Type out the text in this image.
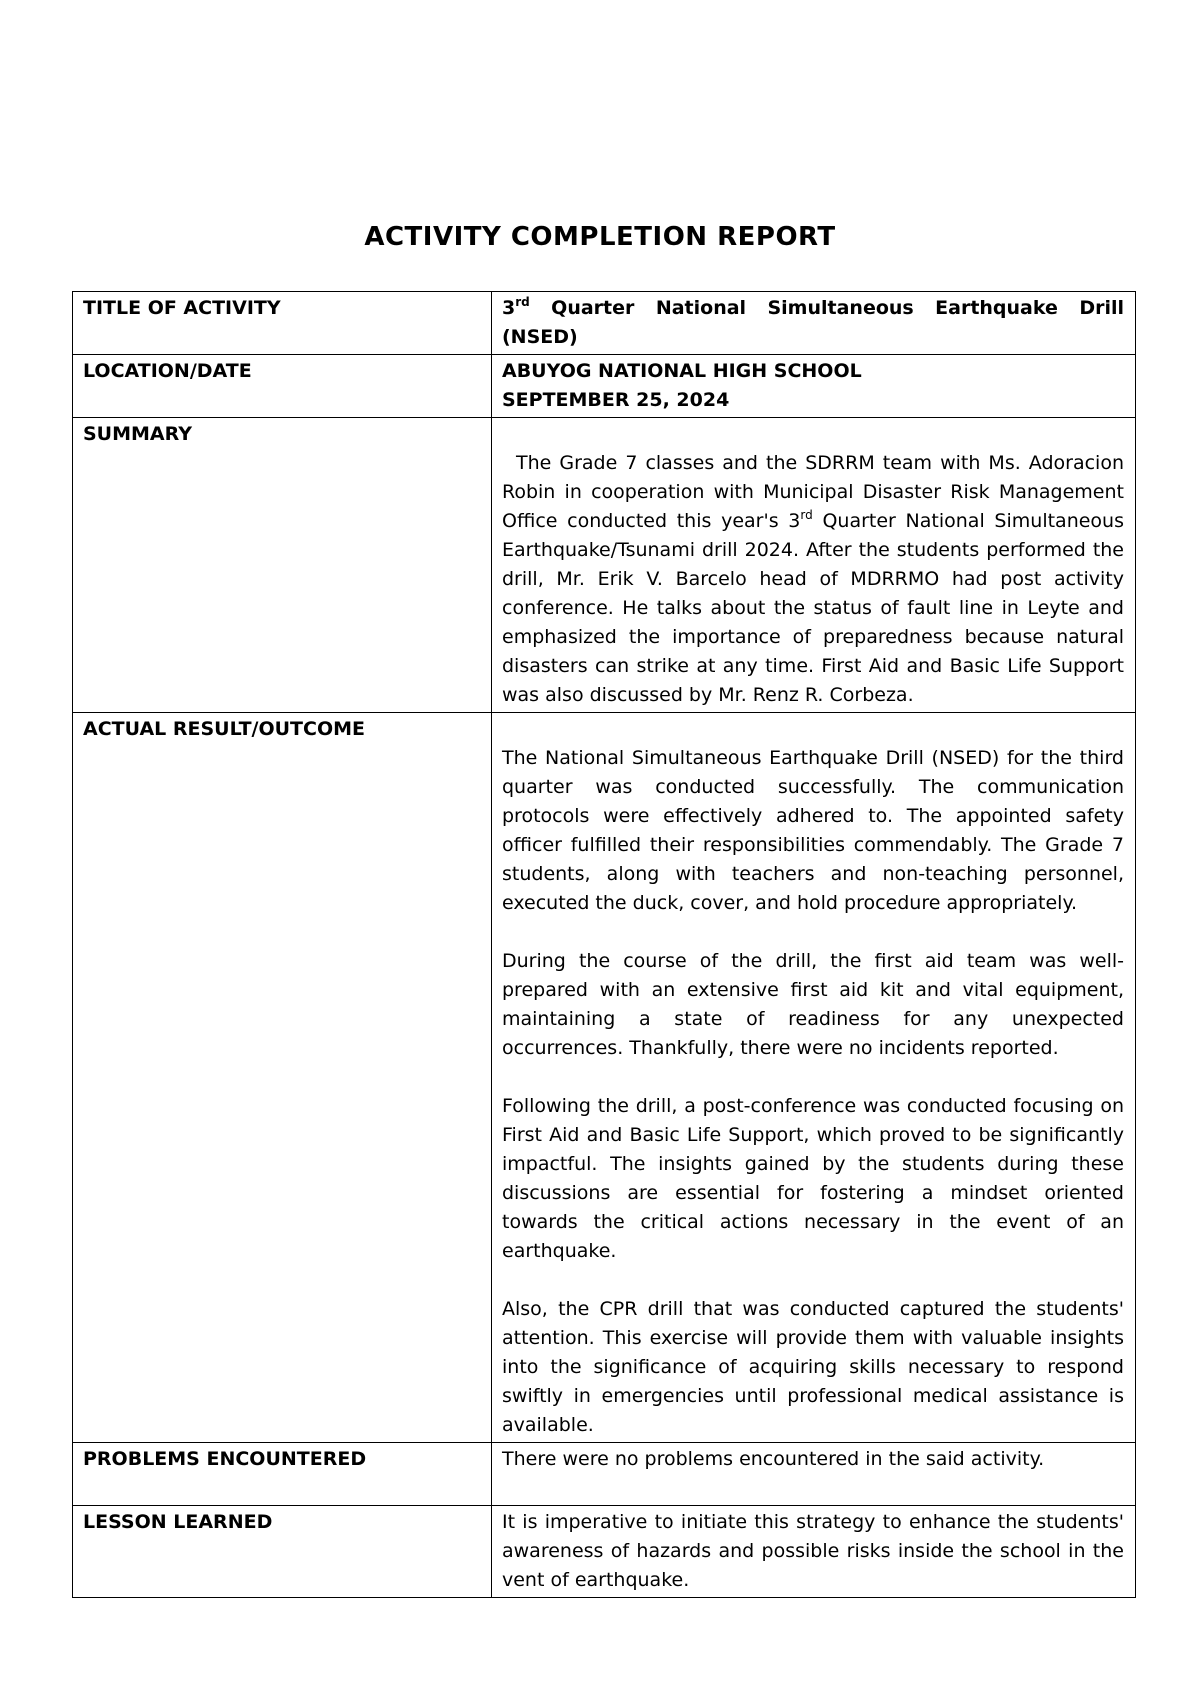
ACTIVITY COMPLETION REPORT
TITLE OF ACTIVITY	3rd Quarter National Simultaneous Earthquake Drill (NSED)
LOCATION/DATE	ABUYOG NATIONAL HIGH SCHOOL

SEPTEMBER 25, 2024

SUMMARY	The Grade 7 classes and the SDRRM team with Ms. Adoracion Robin in cooperation with Municipal Disaster Risk Management Office conducted this year's 3rd Quarter National Simultaneous Earthquake/Tsunami drill 2024. After the students performed the drill, Mr. Erik V. Barcelo head of MDRRMO had post activity conference. He talks about the status of fault line in Leyte and emphasized the importance of preparedness because natural disasters can strike at any time. First Aid and Basic Life Support was also discussed by Mr. Renz R. Corbeza.

ACTUAL RESULT/OUTCOME	The National Simultaneous Earthquake Drill (NSED) for the third quarter was conducted successfully. The communication protocols were effectively adhered to. The appointed safety officer fulfilled their responsibilities commendably. The Grade 7 students, along with teachers and non-teaching personnel, executed the duck, cover, and hold procedure appropriately.

During the course of the drill, the first aid team was well-prepared with an extensive first aid kit and vital equipment, maintaining a state of readiness for any unexpected occurrences. Thankfully, there were no incidents reported.

Following the drill, a post-conference was conducted focusing on First Aid and Basic Life Support, which proved to be significantly impactful. The insights gained by the students during these discussions are essential for fostering a mindset oriented towards the critical actions necessary in the event of an earthquake.

Also, the CPR drill that was conducted captured the students' attention. This exercise will provide them with valuable insights into the significance of acquiring skills necessary to respond swiftly in emergencies until professional medical assistance is available.

PROBLEMS ENCOUNTERED	There were no problems encountered in the said activity.

LESSON LEARNED	It is imperative to initiate this strategy to enhance the students' awareness of hazards and possible risks inside the school in the vent of earthquake.
